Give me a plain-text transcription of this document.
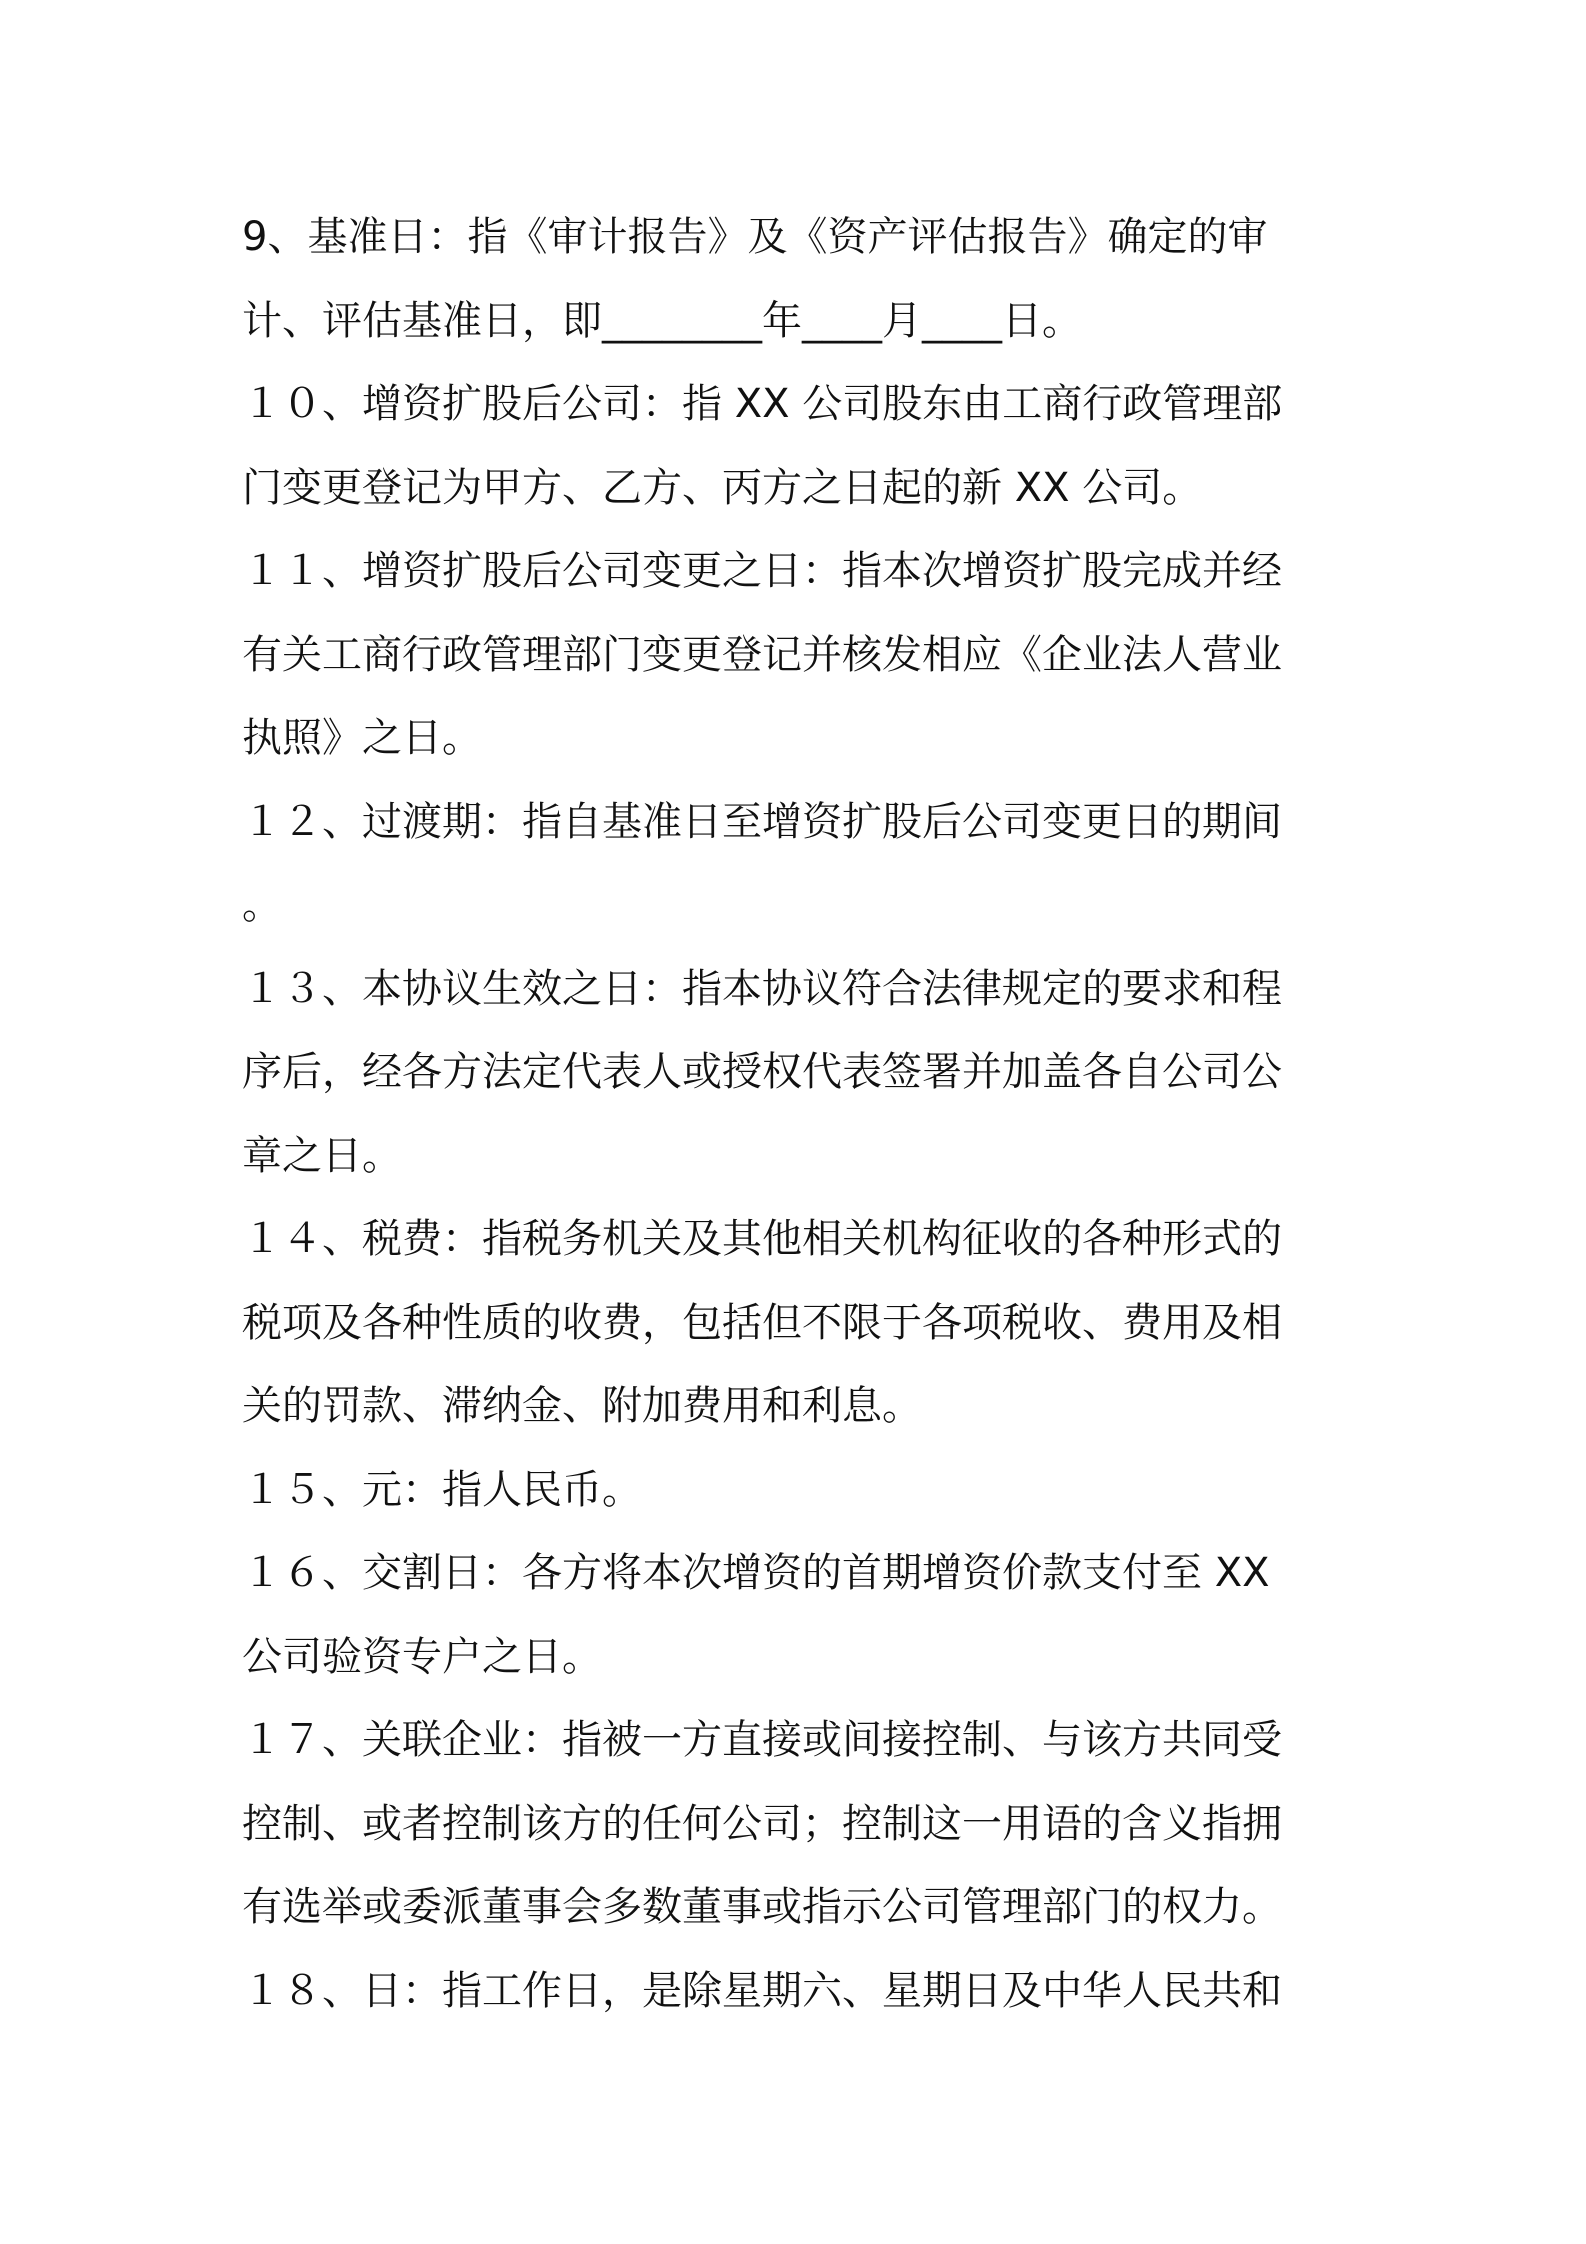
9、基准日：指《审计报告》及《资产评估报告》确定的审
计、评估基准日，即________年____月____日。
１０、增资扩股后公司：指 XX 公司股东由工商行政管理部
门变更登记为甲方、乙方、丙方之日起的新 XX 公司。
１１、增资扩股后公司变更之日：指本次增资扩股完成并经
有关工商行政管理部门变更登记并核发相应《企业法人营业
执照》之日。
１２、过渡期：指自基准日至增资扩股后公司变更日的期间
。
１３、本协议生效之日：指本协议符合法律规定的要求和程
序后，经各方法定代表人或授权代表签署并加盖各自公司公
章之日。
１４、税费：指税务机关及其他相关机构征收的各种形式的
税项及各种性质的收费，包括但不限于各项税收、费用及相
关的罚款、滞纳金、附加费用和利息。
１５、元：指人民币。
１６、交割日：各方将本次增资的首期增资价款支付至 XX
公司验资专户之日。
１７、关联企业：指被一方直接或间接控制、与该方共同受
控制、或者控制该方的任何公司；控制这一用语的含义指拥
有选举或委派董事会多数董事或指示公司管理部门的权力。
１８、日：指工作日，是除星期六、星期日及中华人民共和
